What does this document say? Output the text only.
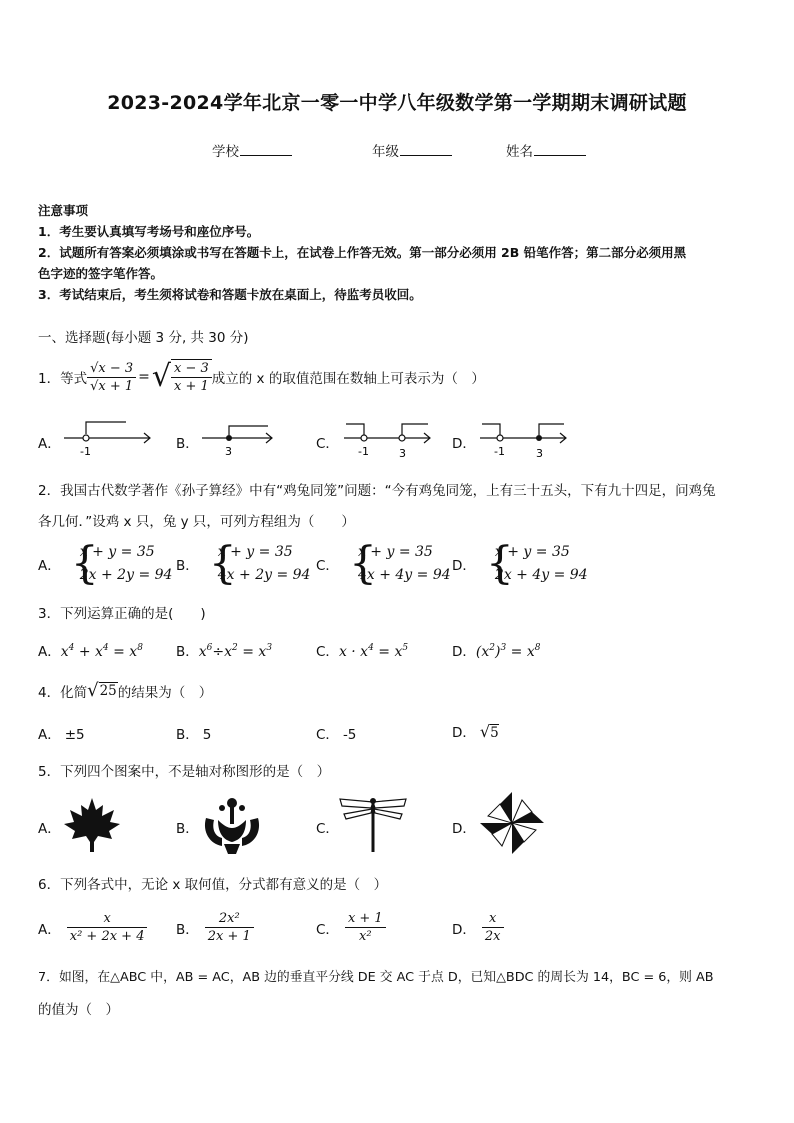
2023-2024学年北京一零一中学八年级数学第一学期期末调研试题
学校	年级	姓名
注意事项
1．考生要认真填写考场号和座位序号。
2．试题所有答案必须填涂或书写在答题卡上，在试卷上作答无效。第一部分必须用 2B 铅笔作答；第二部分必须用黑
色字迹的签字笔作答。
3．考试结束后，考生须将试卷和答题卡放在桌面上，待监考员收回。
一、选择题(每小题 3 分, 共 30 分)
1．等式 $\frac{√x - 3}{√x + 1}$ = √ $\frac{x - 3}{x + 1}$ 成立的 x 的取值范围在数轴上可表示为（　）
A． -1	B． 3	C． -1	3
D． -1	3
2．我国古代数学著作《孙子算经》中有“鸡兔同笼”问题：“今有鸡兔同笼，上有三十五头，下有九十四足，问鸡兔
各几何．”设鸡 x 只，兔 y 只，可列方程组为（　　）
A． {
x + y = 35
2x + 2y = 94
B． {
x + y = 35
4x + 2y = 94
C． {
x + y = 35
4x + 4y = 94
D． {
x + y = 35
2x + 4y = 94
3．下列运算正确的是(　　)
A．$x^4 + x^4 = x^8$ B．$x^6\div x^2 = x^3$	C．$x \cdot x^4 = x^5$	D．$(x^2)^3 = x^8$
4．化简 √ 25 的结果为（　）
A． ±5	B． 5	C． -5	D． √5
5．下列四个图案中，不是轴对称图形的是（　）
A．	B．	C．	D．
6．下列各式中，无论 x 取何值，分式都有意义的是（　）
A． $\frac{x}{\text{x² + 2x + 4}}$ B． $\frac{\text{2x²}}{2x + 1}$	C． $\frac{x + 1}{\text{x²}}$	D． $\frac{x}{2x}$
7．如图，在△ABC 中，AB = AC，AB 边的垂直平分线 DE 交 AC 于点 D，已知△BDC 的周长为 14，BC = 6，则 AB
的值为（　）
